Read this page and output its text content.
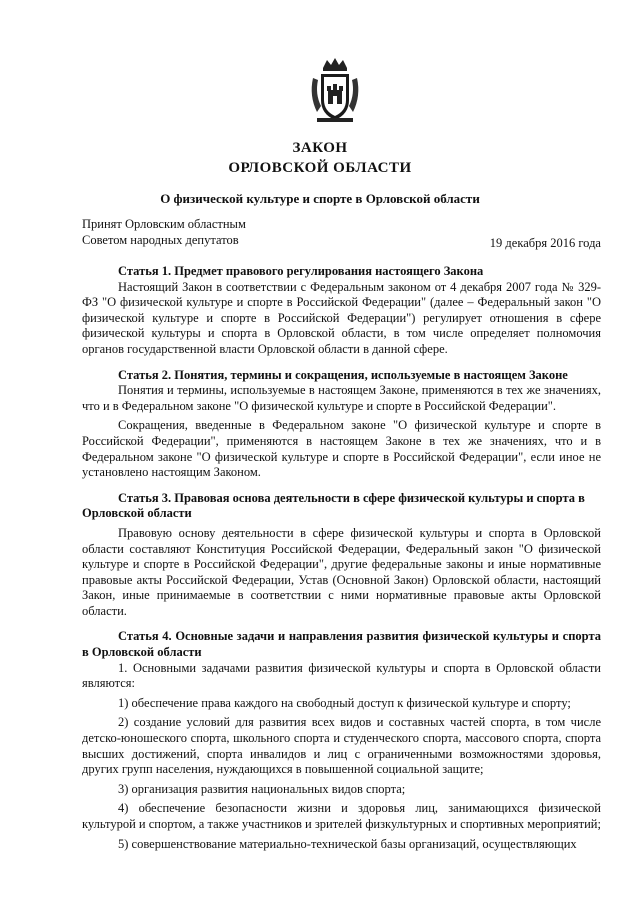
ЗАКОН
ОРЛОВСКОЙ ОБЛАСТИ
О физической культуре и спорте в Орловской области
Принят Орловским областным
Советом народных депутатов	19 декабря 2016 года

Статья 1. Предмет правового регулирования настоящего Закона

Настоящий Закон в соответствии с Федеральным законом от 4 декабря 2007 года № 329-ФЗ "О физической культуре и спорте в Российской Федерации" (далее – Федеральный закон "О физической культуре и спорте в Российской Федерации") регулирует отношения в сфере физической культуры и спорта в Орловской области, в том числе определяет полномочия органов государственной власти Орловской области в данной сфере.

Статья 2. Понятия, термины и сокращения, используемые в настоящем Законе

Понятия и термины, используемые в настоящем Законе, применяются в тех же значениях, что и в Федеральном законе "О физической культуре и спорте в Российской Федерации".

Сокращения, введенные в Федеральном законе "О физической культуре и спорте в Российской Федерации", применяются в настоящем Законе в тех же значениях, что и в Федеральном законе "О физической культуре и спорте в Российской Федерации", если иное не установлено настоящим Законом.

Статья 3. Правовая основа деятельности в сфере физической культуры и спорта в Орловской области

Правовую основу деятельности в сфере физической культуры и спорта в Орловской области составляют Конституция Российской Федерации, Федеральный закон "О физической культуре и спорте в Российской Федерации", другие федеральные законы и иные нормативные правовые акты Российской Федерации, Устав (Основной Закон) Орловской области, настоящий Закон, иные принимаемые в соответствии с ними нормативные правовые акты Орловской области.

Статья 4. Основные задачи и направления развития физической культуры и спорта в Орловской области

1. Основными задачами развития физической культуры и спорта в Орловской области являются:

1) обеспечение права каждого на свободный доступ к физической культуре и спорту;

2) создание условий для развития всех видов и составных частей спорта, в том числе детско-юношеского спорта, школьного спорта и студенческого спорта, массового спорта, спорта высших достижений, спорта инвалидов и лиц с ограниченными возможностями здоровья, других групп населения, нуждающихся в повышенной социальной защите;

3) организация развития национальных видов спорта;

4) обеспечение безопасности жизни и здоровья лиц, занимающихся физической культурой и спортом, а также участников и зрителей физкультурных и спортивных мероприятий;

5) совершенствование материально-технической базы организаций, осуществляющих
